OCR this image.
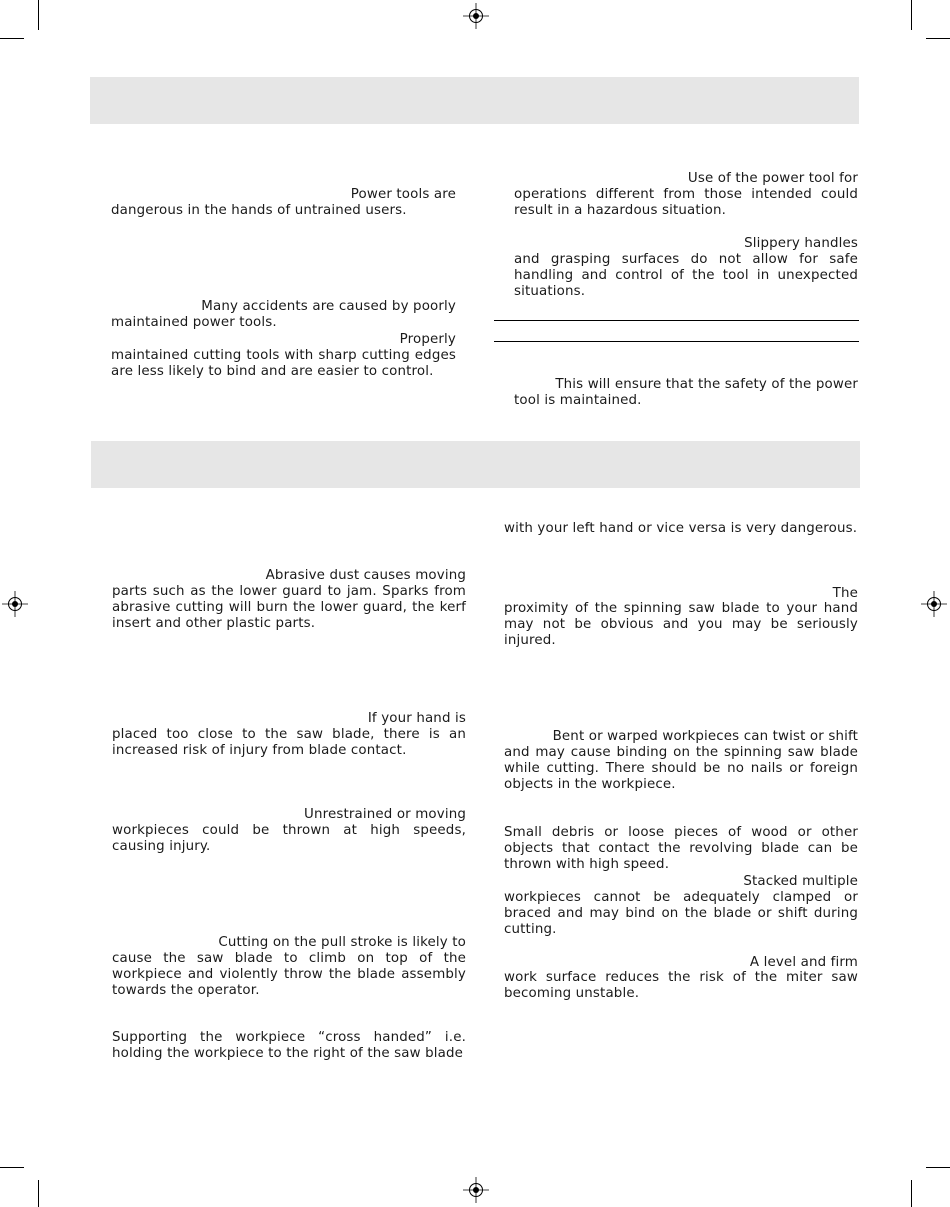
Power tools are

dangerous in the hands of untrained users.

Many accidents are caused by poorly

maintained power tools.

Properly

maintained cutting tools with sharp cutting edges are less likely to bind and are easier to control.

Use of the power tool for

operations different from those intended could result in a hazardous situation.

Slippery handles

and grasping surfaces do not allow for safe handling and control of the tool in unexpected situations.

This will ensure that the safety of the power

tool is maintained.

Abrasive dust causes moving

parts such as the lower guard to jam. Sparks from abrasive cutting will burn the lower guard, the kerf insert and other plastic parts.

If your hand is

placed too close to the saw blade, there is an increased risk of injury from blade contact.

Unrestrained or moving

workpieces could be thrown at high speeds, causing injury.

Cutting on the pull stroke is likely to

cause the saw blade to climb on top of the workpiece and violently throw the blade assembly towards the operator.

Supporting the workpiece “cross handed” i.e. holding the workpiece to the right of the saw blade

with your left hand or vice versa is very dangerous.

The

proximity of the spinning saw blade to your hand may not be obvious and you may be seriously injured.

Bent or warped workpieces can twist or shift

and may cause binding on the spinning saw blade while cutting. There should be no nails or foreign objects in the workpiece.

Small debris or loose pieces of wood or other objects that contact the revolving blade can be thrown with high speed.

Stacked multiple

workpieces cannot be adequately clamped or braced and may bind on the blade or shift during cutting.

A level and firm

work surface reduces the risk of the miter saw becoming unstable.
